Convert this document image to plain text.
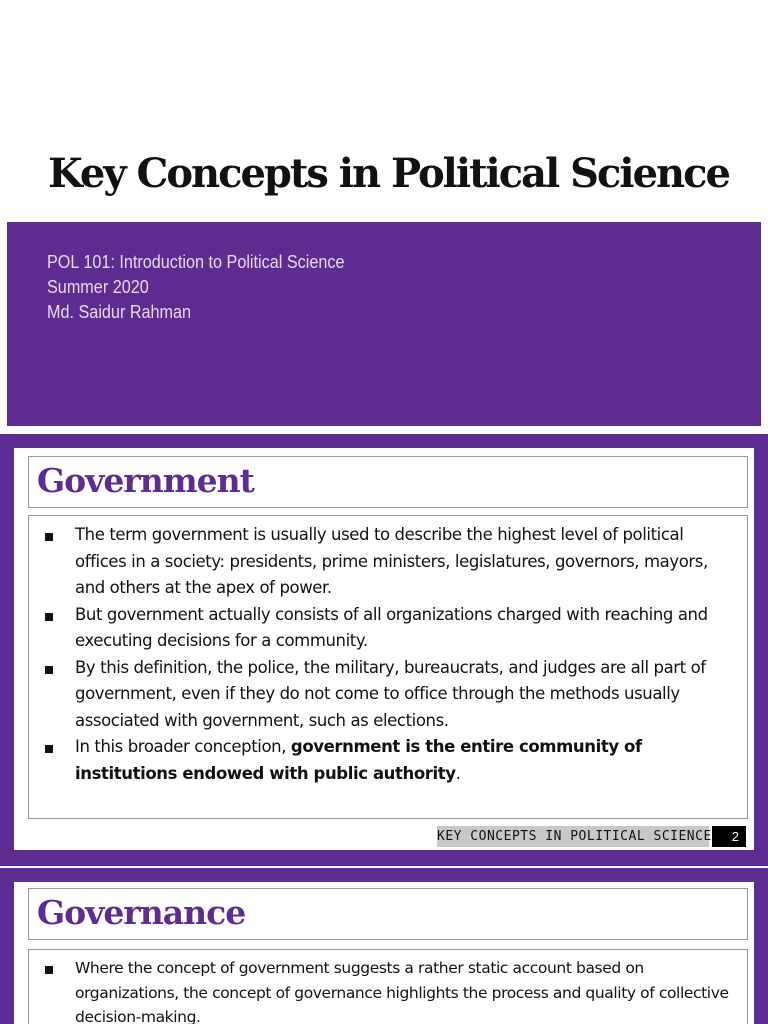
Key Concepts in Political Science
POL 101: Introduction to Political Science
Summer 2020
Md. Saidur Rahman
Government
The term government is usually used to describe the highest level of political offices in a society: presidents, prime ministers, legislatures, governors, mayors, and others at the apex of power.
But government actually consists of all organizations charged with reaching and executing decisions for a community.
By this definition, the police, the military, bureaucrats, and judges are all part of government, even if they do not come to office through the methods usually associated with government, such as elections.
In this broader conception, government is the entire community of institutions endowed with public authority.
KEY CONCEPTS IN POLITICAL SCIENCE	2
Governance
Where the concept of government suggests a rather static account based on organizations, the concept of governance highlights the process and quality of collective decision-making.
